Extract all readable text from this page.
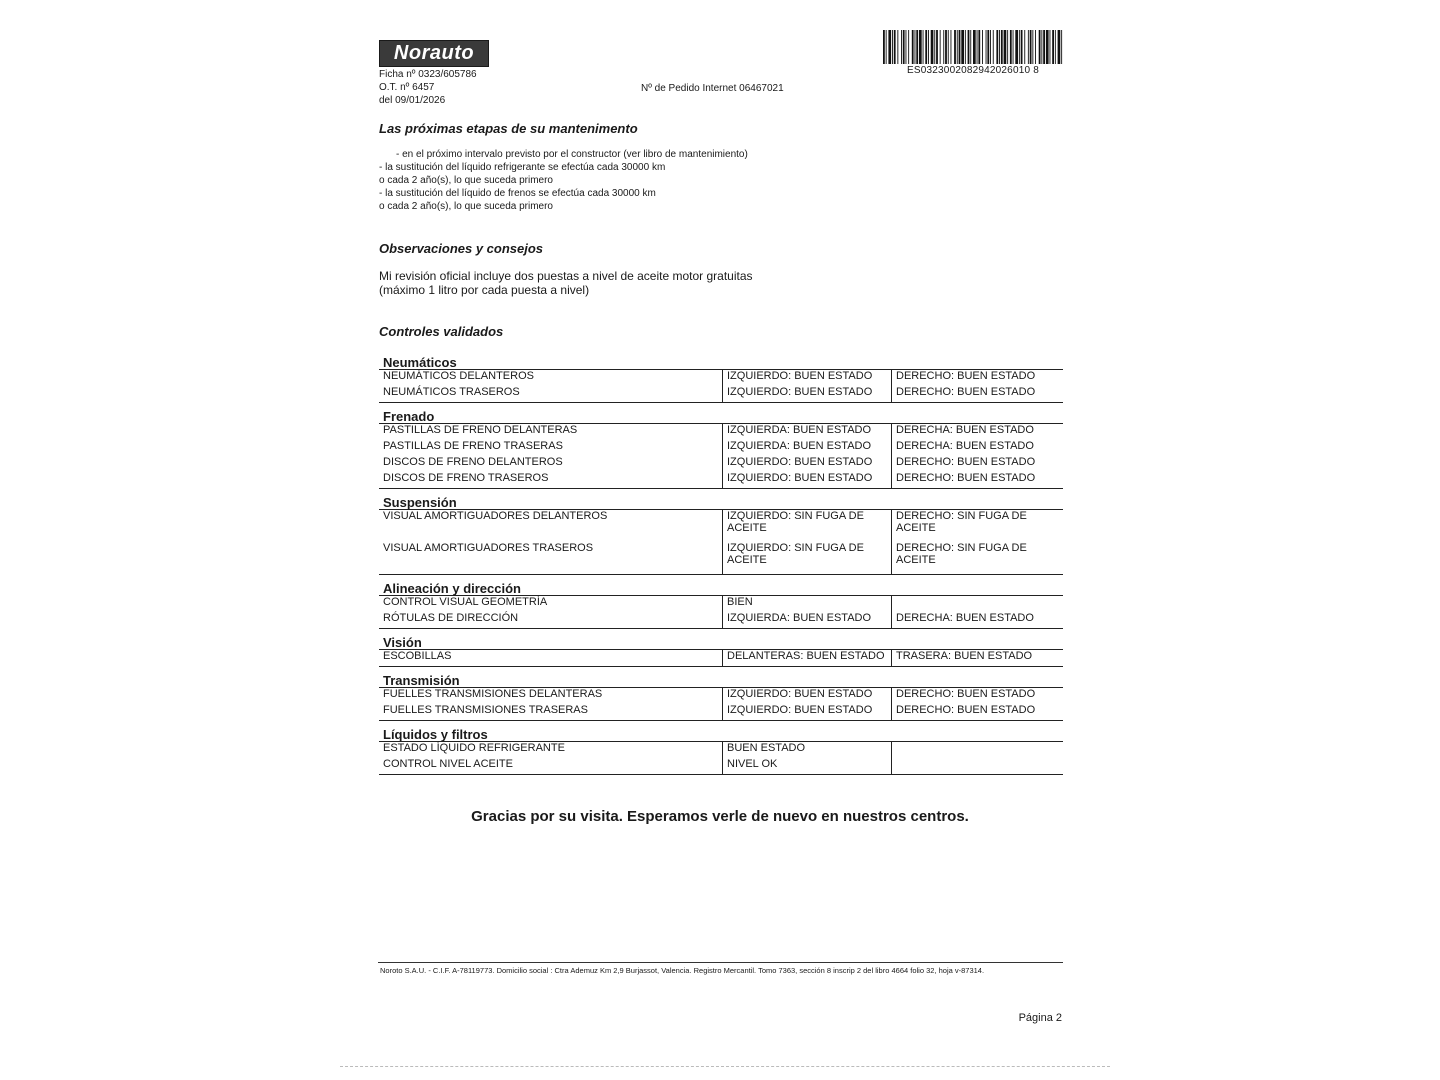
Norauto
Ficha nº 0323/605786
O.T. nº 6457
del 09/01/2026
Nº de Pedido Internet 06467021
ES0323002082942026010 8
Las próximas etapas de su mantenimento
- en el próximo intervalo previsto por el constructor (ver libro de mantenimiento)
- la sustitución del líquido refrigerante se efectúa cada 30000 km
o cada 2 año(s), lo que suceda primero
- la sustitución del líquido de frenos se efectúa cada 30000 km
o cada 2 año(s), lo que suceda primero
Observaciones y consejos
Mi revisión oficial incluye dos puestas a nivel de aceite motor gratuitas
(máximo 1 litro por cada puesta a nivel)
Controles validados
Neumáticos		
NEUMÁTICOS DELANTEROS	IZQUIERDO: BUEN ESTADO	DERECHO: BUEN ESTADO
NEUMÁTICOS TRASEROS	IZQUIERDO: BUEN ESTADO	DERECHO: BUEN ESTADO
Frenado		
PASTILLAS DE FRENO DELANTERAS	IZQUIERDA: BUEN ESTADO	DERECHA: BUEN ESTADO
PASTILLAS DE FRENO TRASERAS	IZQUIERDA: BUEN ESTADO	DERECHA: BUEN ESTADO
DISCOS DE FRENO DELANTEROS	IZQUIERDO: BUEN ESTADO	DERECHO: BUEN ESTADO
DISCOS DE FRENO TRASEROS	IZQUIERDO: BUEN ESTADO	DERECHO: BUEN ESTADO
Suspensión		
VISUAL AMORTIGUADORES DELANTEROS	IZQUIERDO: SIN FUGA DE ACEITE	DERECHO: SIN FUGA DE ACEITE
VISUAL AMORTIGUADORES TRASEROS	IZQUIERDO: SIN FUGA DE ACEITE	DERECHO: SIN FUGA DE ACEITE
Alineación y dirección		
CONTROL VISUAL GEOMETRÍA	BIEN	
RÓTULAS DE DIRECCIÓN	IZQUIERDA: BUEN ESTADO	DERECHA: BUEN ESTADO
Visión		
ESCOBILLAS	DELANTERAS: BUEN ESTADO	TRASERA: BUEN ESTADO
Transmisión		
FUELLES TRANSMISIONES DELANTERAS	IZQUIERDO: BUEN ESTADO	DERECHO: BUEN ESTADO
FUELLES TRANSMISIONES TRASERAS	IZQUIERDO: BUEN ESTADO	DERECHO: BUEN ESTADO
Líquidos y filtros		
ESTADO LÍQUIDO REFRIGERANTE	BUEN ESTADO	
CONTROL NIVEL ACEITE	NIVEL OK	
Gracias por su visita. Esperamos verle de nuevo en nuestros centros.
Noroto S.A.U. - C.I.F. A-78119773. Domicilio social : Ctra Ademuz Km 2,9 Burjassot, Valencia. Registro Mercantil. Tomo 7363, sección 8 inscrip 2 del libro 4664 folio 32, hoja v-87314.
Página 2
